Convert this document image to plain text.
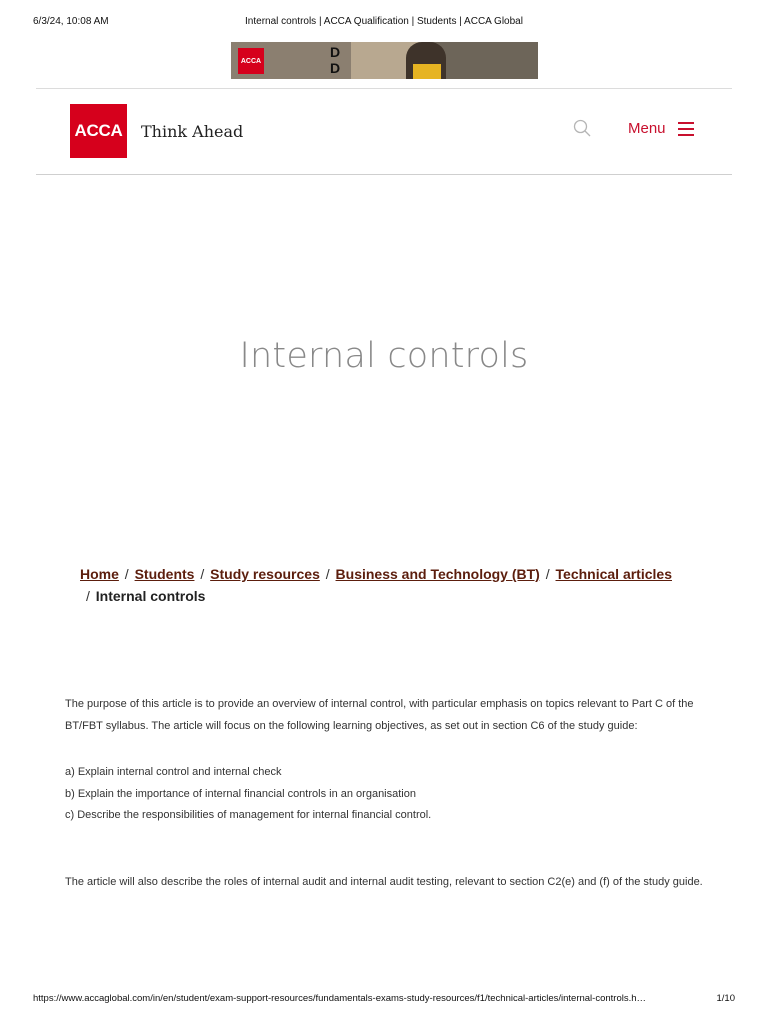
6/3/24, 10:08 AM	Internal controls | ACCA Qualification | Students | ACCA Global
ACCA
D
D
ACCA Think Ahead	Menu
Internal controls
Home / Students / Study resources / Business and Technology (BT) / Technical articles
/ Internal controls

The purpose of this article is to provide an overview of internal control, with particular emphasis on topics relevant to Part C of the BT/FBT syllabus. The article will focus on the following learning objectives, as set out in section C6 of the study guide:

a) Explain internal control and internal check
b) Explain the importance of internal financial controls in an organisation
c) Describe the responsibilities of management for internal financial control.

The article will also describe the roles of internal audit and internal audit testing, relevant to section C2(e) and (f) of the study guide.

https://www.accaglobal.com/in/en/student/exam-support-resources/fundamentals-exams-study-resources/f1/technical-articles/internal-controls.h…	1/10
